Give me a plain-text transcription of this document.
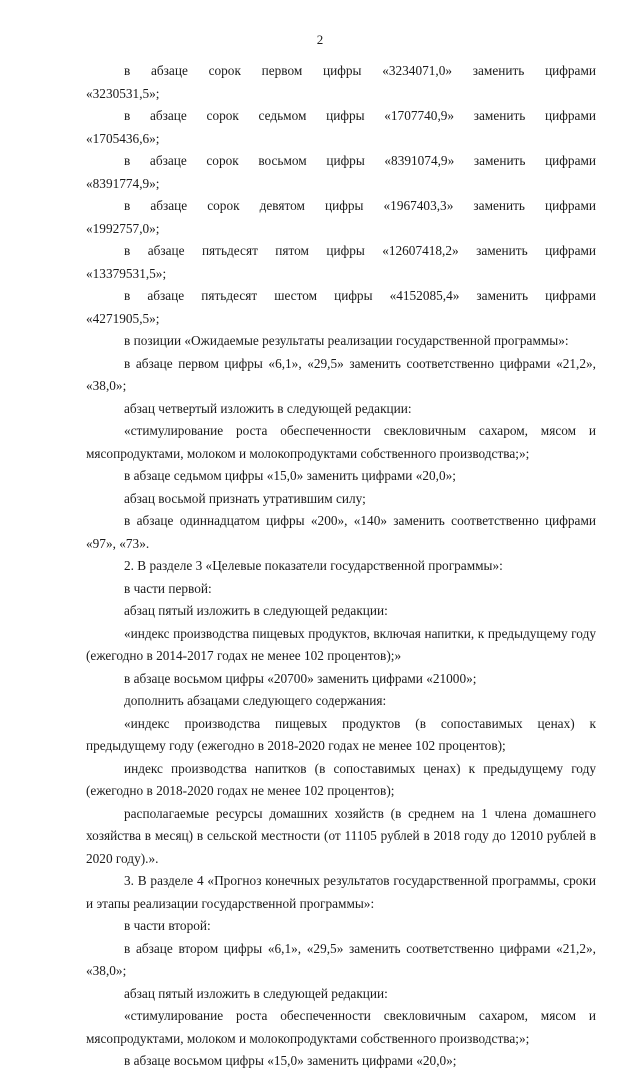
2

в абзаце сорок первом цифры «3234071,0» заменить цифрами

«3230531,5»;

в абзаце сорок седьмом цифры «1707740,9» заменить цифрами

«1705436,6»;

в абзаце сорок восьмом цифры «8391074,9» заменить цифрами

«8391774,9»;

в абзаце сорок девятом цифры «1967403,3» заменить цифрами

«1992757,0»;

в абзаце пятьдесят пятом цифры «12607418,2» заменить цифрами

«13379531,5»;

в абзаце пятьдесят шестом цифры «4152085,4» заменить цифрами

«4271905,5»;

в позиции «Ожидаемые результаты реализации государственной программы»:

в абзаце первом цифры «6,1», «29,5» заменить соответственно цифрами «21,2», «38,0»;

абзац четвертый изложить в следующей редакции:

«стимулирование роста обеспеченности свекловичным сахаром, мясом и мясопродуктами, молоком и молокопродуктами собственного производства;»;

в абзаце седьмом цифры «15,0» заменить цифрами «20,0»;

абзац восьмой признать утратившим силу;

в абзаце одиннадцатом цифры «200», «140» заменить соответственно цифрами «97», «73».

2. В разделе 3 «Целевые показатели государственной программы»:

в части первой:

абзац пятый изложить в следующей редакции:

«индекс производства пищевых продуктов, включая напитки, к предыдущему году (ежегодно в 2014-2017 годах не менее 102 процентов);»

в абзаце восьмом цифры «20700» заменить цифрами «21000»;

дополнить абзацами следующего содержания:

«индекс производства пищевых продуктов (в сопоставимых ценах) к предыдущему году (ежегодно в 2018-2020 годах не менее 102 процентов);

индекс производства напитков (в сопоставимых ценах) к предыдущему году (ежегодно в 2018-2020 годах не менее 102 процентов);

располагаемые ресурсы домашних хозяйств (в среднем на 1 члена домашнего хозяйства в месяц) в сельской местности (от 11105 рублей в 2018 году до 12010 рублей в 2020 году).».

3. В разделе 4 «Прогноз конечных результатов государственной программы, сроки и этапы реализации государственной программы»:

в части второй:

в абзаце втором цифры «6,1», «29,5» заменить соответственно цифрами «21,2», «38,0»;

абзац пятый изложить в следующей редакции:

«стимулирование роста обеспеченности свекловичным сахаром, мясом и мясопродуктами, молоком и молокопродуктами собственного производства;»;

в абзаце восьмом цифры «15,0» заменить цифрами «20,0»;
